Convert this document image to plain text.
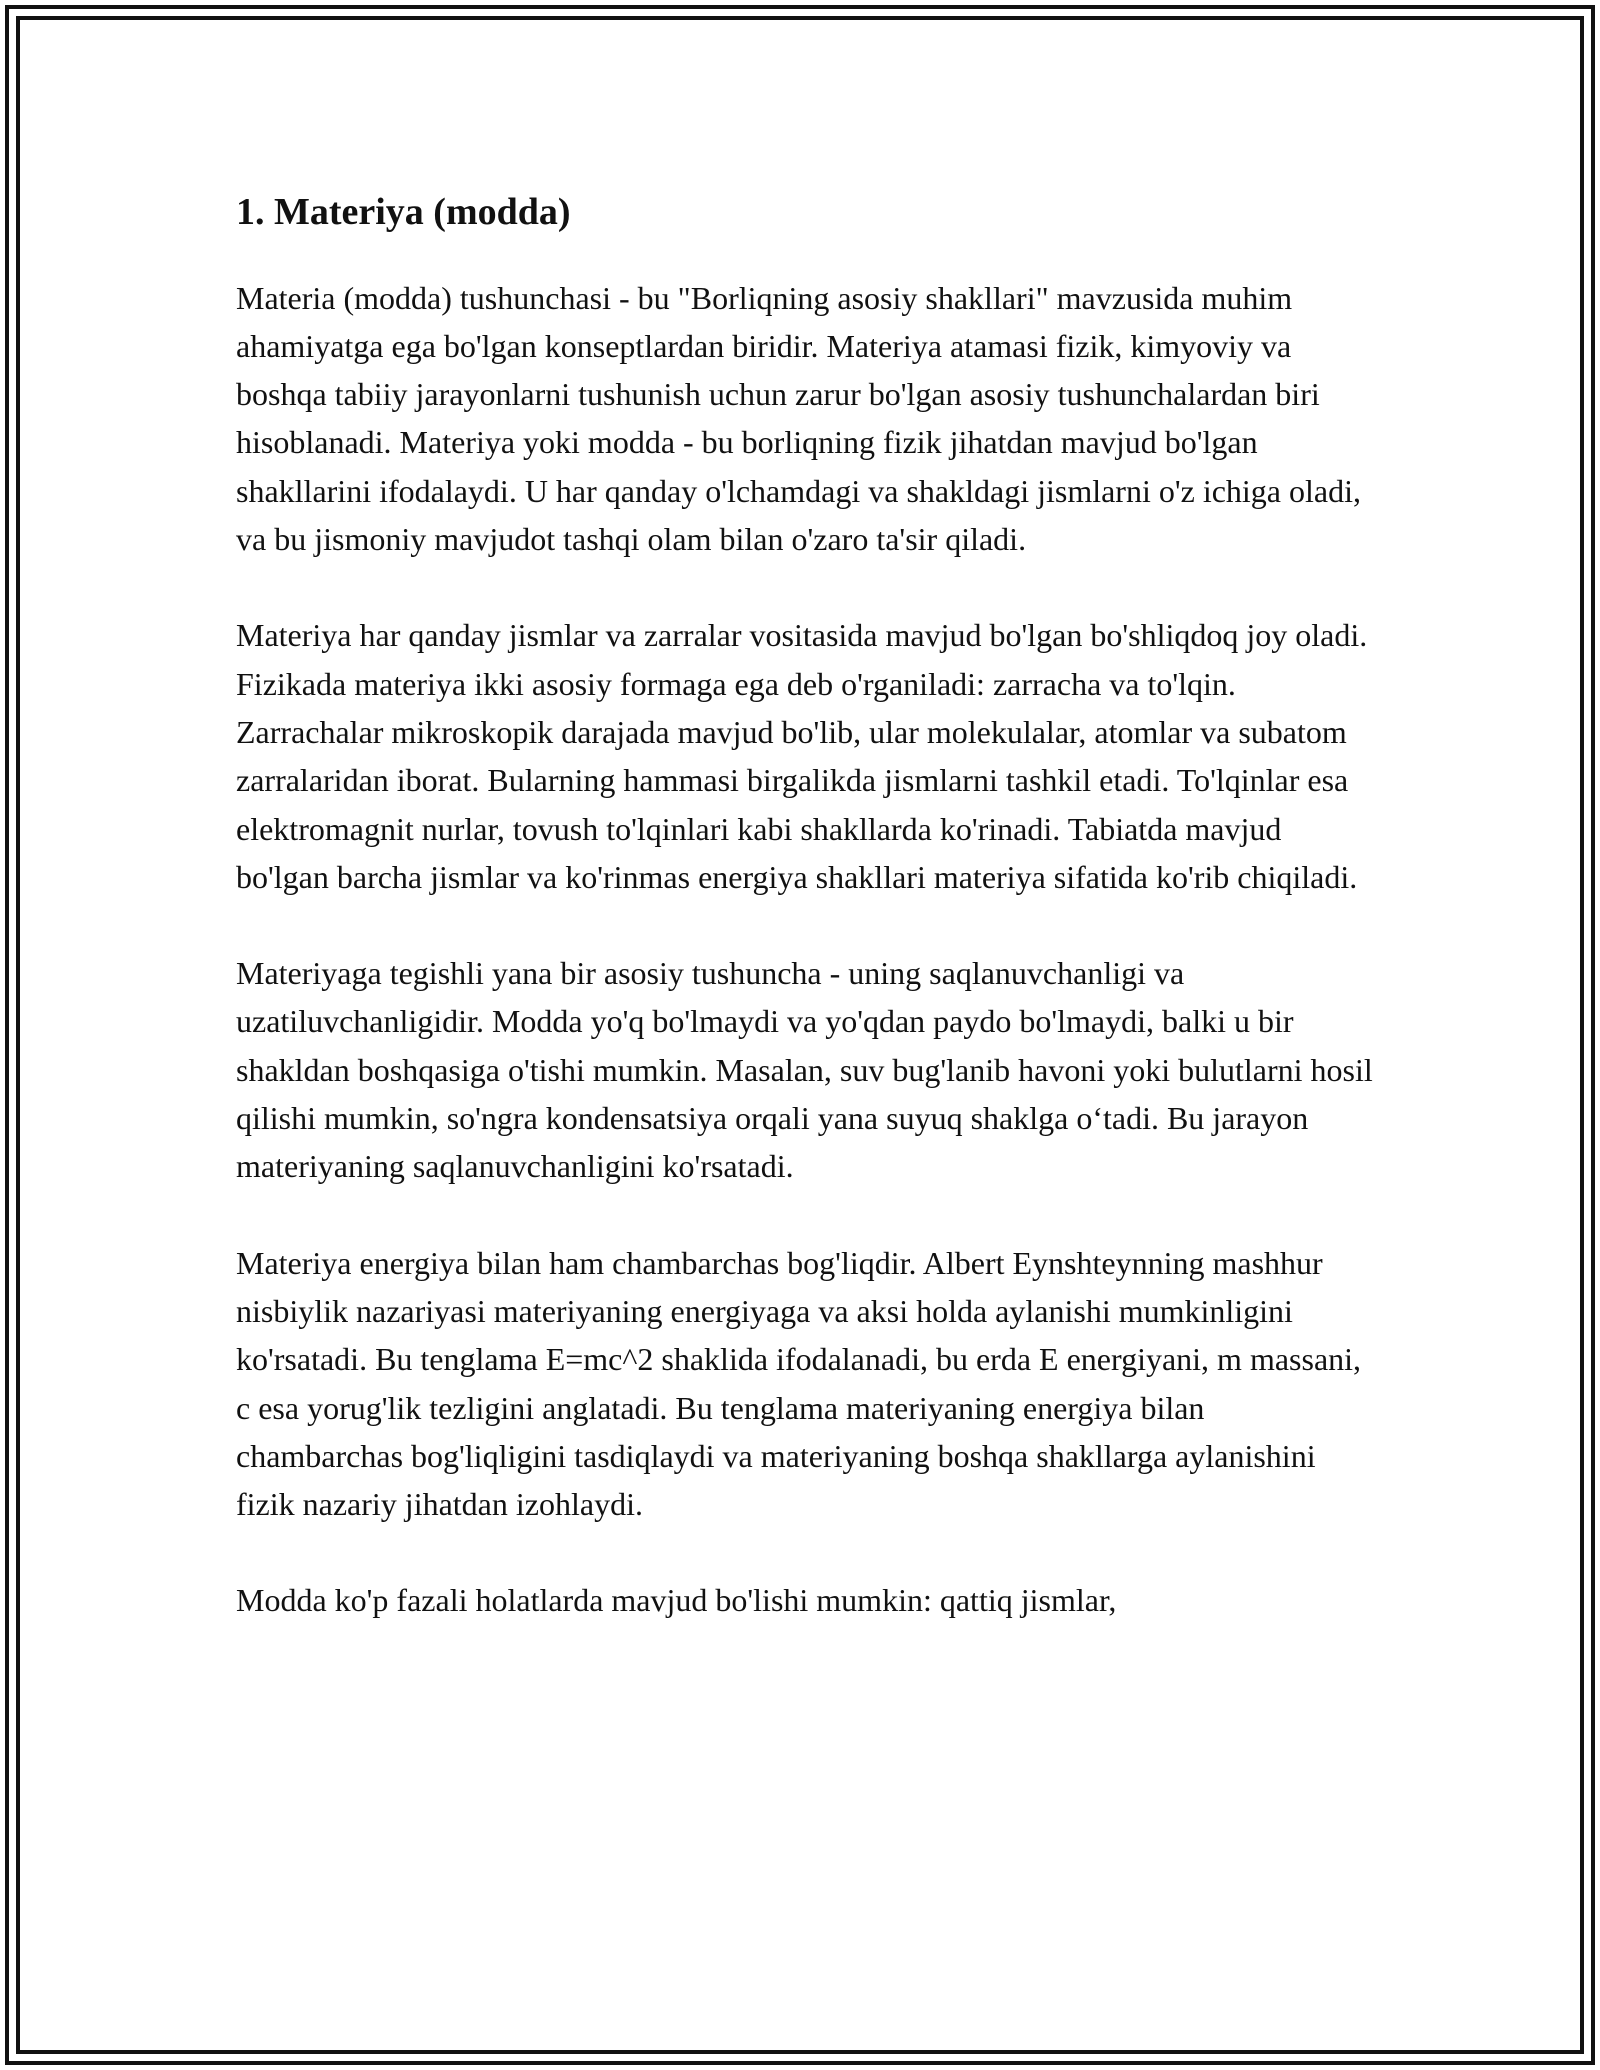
1. Materiya (modda)

Materia (modda) tushunchasi - bu "Borliqning asosiy shakllari" mavzusida muhim ahamiyatga ega bo'lgan konseptlardan biridir. Materiya atamasi fizik, kimyoviy va boshqa tabiiy jarayonlarni tushunish uchun zarur bo'lgan asosiy tushunchalardan biri hisoblanadi. Materiya yoki modda - bu borliqning fizik jihatdan mavjud bo'lgan shakllarini ifodalaydi. U har qanday o'lchamdagi va shakldagi jismlarni o'z ichiga oladi, va bu jismoniy mavjudot tashqi olam bilan o'zaro ta'sir qiladi.

Materiya har qanday jismlar va zarralar vositasida mavjud bo'lgan bo'shliqdoq joy oladi. Fizikada materiya ikki asosiy formaga ega deb o'rganiladi: zarracha va to'lqin. Zarrachalar mikroskopik darajada mavjud bo'lib, ular molekulalar, atomlar va subatom zarralaridan iborat. Bularning hammasi birgalikda jismlarni tashkil etadi. To'lqinlar esa elektromagnit nurlar, tovush to'lqinlari kabi shakllarda ko'rinadi. Tabiatda mavjud bo'lgan barcha jismlar va ko'rinmas energiya shakllari materiya sifatida ko'rib chiqiladi.

Materiyaga tegishli yana bir asosiy tushuncha - uning saqlanuvchanligi va uzatiluvchanligidir. Modda yo'q bo'lmaydi va yo'qdan paydo bo'lmaydi, balki u bir shakldan boshqasiga o'tishi mumkin. Masalan, suv bug'lanib havoni yoki bulutlarni hosil qilishi mumkin, so'ngra kondensatsiya orqali yana suyuq shaklga o‘tadi. Bu jarayon materiyaning saqlanuvchanligini ko'rsatadi.

Materiya energiya bilan ham chambarchas bog'liqdir. Albert Eynshteynning mashhur nisbiylik nazariyasi materiyaning energiyaga va aksi holda aylanishi mumkinligini ko'rsatadi. Bu tenglama E=mc^2 shaklida ifodalanadi, bu erda E energiyani, m massani, c esa yorug'lik tezligini anglatadi. Bu tenglama materiyaning energiya bilan chambarchas bog'liqligini tasdiqlaydi va materiyaning boshqa shakllarga aylanishini fizik nazariy jihatdan izohlaydi.

Modda ko'p fazali holatlarda mavjud bo'lishi mumkin: qattiq jismlar,
